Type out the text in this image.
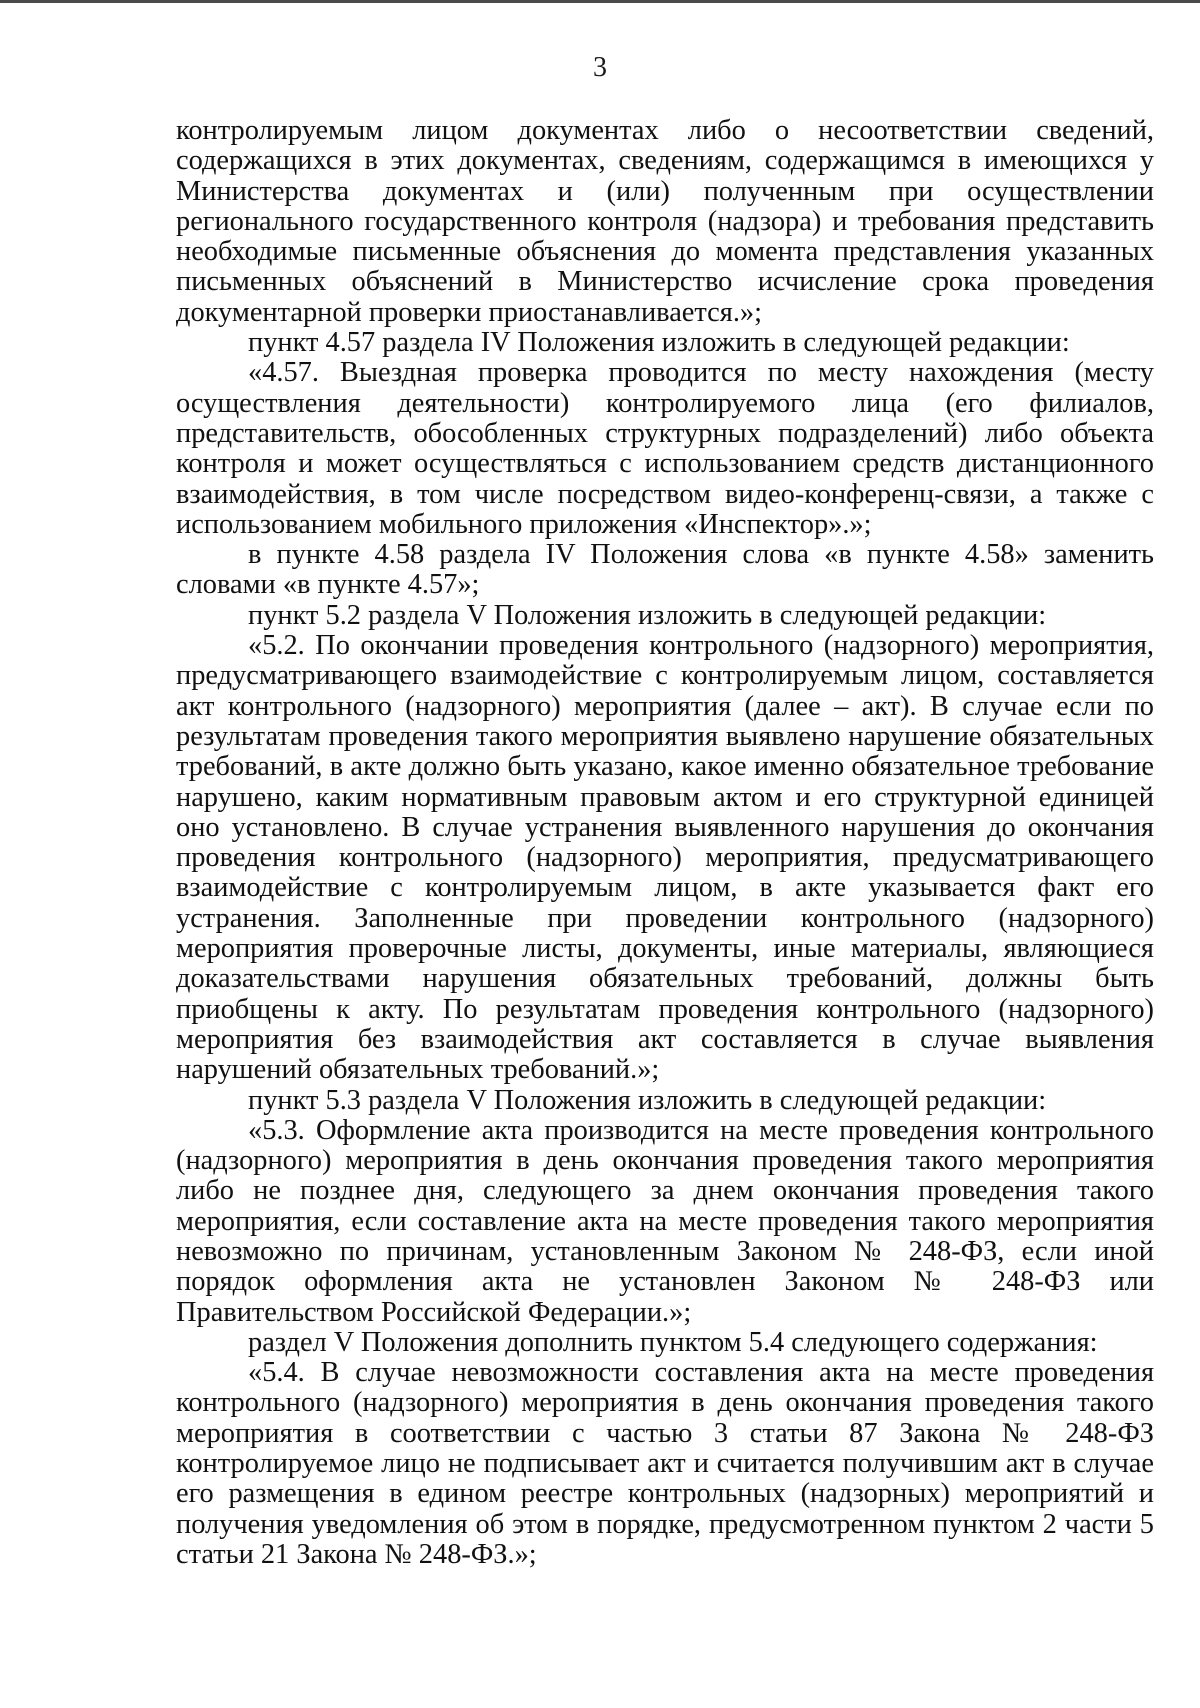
3

контролируемым лицом документах либо о несоответствии сведений, содержащихся в этих документах, сведениям, содержащимся в имеющихся у Министерства документах и (или) полученным при осуществлении регионального государственного контроля (надзора) и требования представить необходимые письменные объяснения до момента представления указанных письменных объяснений в Министерство исчисление срока проведения документарной проверки приостанавливается.»;

пункт 4.57 раздела IV Положения изложить в следующей редакции:

«4.57. Выездная проверка проводится по месту нахождения (месту осуществления деятельности) контролируемого лица (его филиалов, представительств, обособленных структурных подразделений) либо объекта контроля и может осуществляться с использованием средств дистанционного взаимодействия, в том числе посредством видео-конференц-связи, а также с использованием мобильного приложения «Инспектор».»;

в пункте 4.58 раздела IV Положения слова «в пункте 4.58» заменить словами «в пункте 4.57»;

пункт 5.2 раздела V Положения изложить в следующей редакции:

«5.2. По окончании проведения контрольного (надзорного) мероприятия, предусматривающего взаимодействие с контролируемым лицом, составляется акт контрольного (надзорного) мероприятия (далее – акт). В случае если по результатам проведения такого мероприятия выявлено нарушение обязательных требований, в акте должно быть указано, какое именно обязательное требование нарушено, каким нормативным правовым актом и его структурной единицей оно установлено. В случае устранения выявленного нарушения до окончания проведения контрольного (надзорного) мероприятия, предусматривающего взаимодействие с контролируемым лицом, в акте указывается факт его устранения. Заполненные при проведении контрольного (надзорного) мероприятия проверочные листы, документы, иные материалы, являющиеся доказательствами нарушения обязательных требований, должны быть приобщены к акту. По результатам проведения контрольного (надзорного) мероприятия без взаимодействия акт составляется в случае выявления нарушений обязательных требований.»;

пункт 5.3 раздела V Положения изложить в следующей редакции:

«5.3. Оформление акта производится на месте проведения контрольного (надзорного) мероприятия в день окончания проведения такого мероприятия либо не позднее дня, следующего за днем окончания проведения такого мероприятия, если составление акта на месте проведения такого мероприятия невозможно по причинам, установленным Законом № 248-ФЗ, если иной порядок оформления акта не установлен Законом № 248-ФЗ или Правительством Российской Федерации.»;

раздел V Положения дополнить пунктом 5.4 следующего содержания:

«5.4. В случае невозможности составления акта на месте проведения контрольного (надзорного) мероприятия в день окончания проведения такого мероприятия в соответствии с частью 3 статьи 87 Закона № 248-ФЗ контролируемое лицо не подписывает акт и считается получившим акт в случае его размещения в едином реестре контрольных (надзорных) мероприятий и получения уведомления об этом в порядке, предусмотренном пунктом 2 части 5 статьи 21 Закона № 248-ФЗ.»;
